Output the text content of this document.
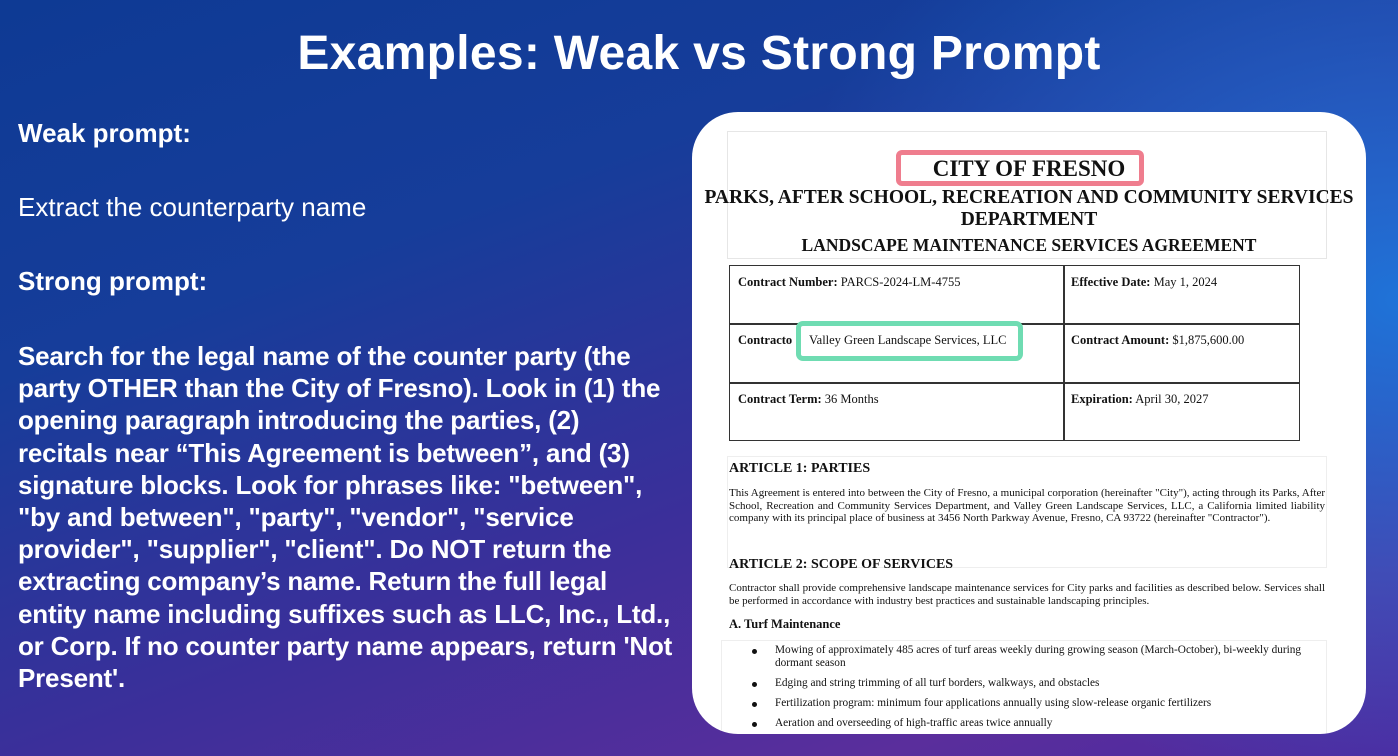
Examples: Weak vs Strong Prompt
Weak prompt:
Extract the counterparty name
Strong prompt:
Search for the legal name of the counter party (the party OTHER than the City of Fresno). Look in (1) the opening paragraph introducing the parties, (2) recitals near “This Agreement is between”, and (3) signature blocks. Look for phrases like: "between", "by and between", "party", "vendor", "service provider", "supplier", "client". Do NOT return the extracting company’s name. Return the full legal entity name including suffixes such as LLC, Inc., Ltd., or Corp. If no counter party name appears, return 'Not Present'.
CITY OF FRESNO
PARKS, AFTER SCHOOL, RECREATION AND COMMUNITY SERVICES DEPARTMENT
LANDSCAPE MAINTENANCE SERVICES AGREEMENT
Contract Number: PARCS-2024-LM-4755	Effective Date: May 1, 2024
Contracto Valley Green Landscape Services, LLC	Contract Amount: $1,875,600.00
Contract Term: 36 Months	Expiration: April 30, 2027
ARTICLE 1: PARTIES
This Agreement is entered into between the City of Fresno, a municipal corporation (hereinafter "City"), acting through its Parks, After School, Recreation and Community Services Department, and Valley Green Landscape Services, LLC, a California limited liability company with its principal place of business at 3456 North Parkway Avenue, Fresno, CA 93722 (hereinafter "Contractor").
ARTICLE 2: SCOPE OF SERVICES
Contractor shall provide comprehensive landscape maintenance services for City parks and facilities as described below. Services shall be performed in accordance with industry best practices and sustainable landscaping principles.
A. Turf Maintenance
Mowing of approximately 485 acres of turf areas weekly during growing season (March-October), bi-weekly during dormant season
Edging and string trimming of all turf borders, walkways, and obstacles
Fertilization program: minimum four applications annually using slow-release organic fertilizers
Aeration and overseeding of high-traffic areas twice annually
